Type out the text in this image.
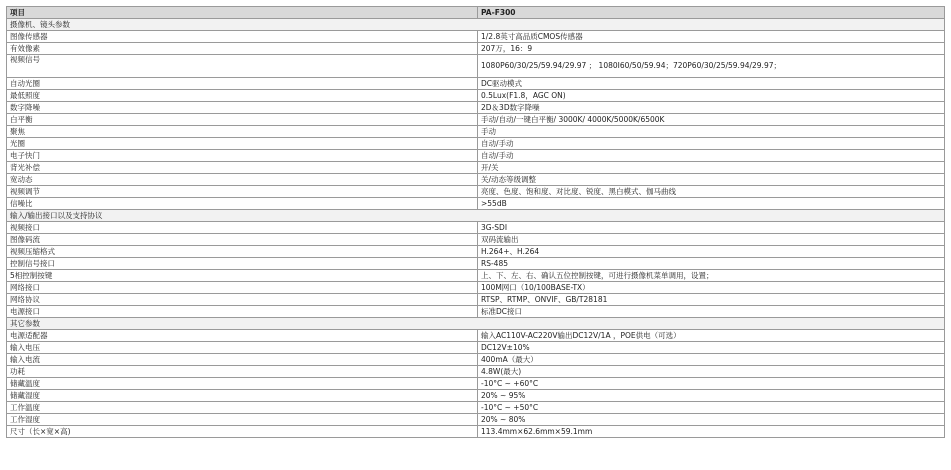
项目	PA-F300
摄像机、镜头参数	
图像传感器	1/2.8英寸高品质CMOS传感器
有效像素	207万，16：9
视频信号	1080P60/30/25/59.94/29.97 ； 1080I60/50/59.94；720P60/30/25/59.94/29.97；
自动光圈	DC驱动模式
最低照度	0.5Lux(F1.8，AGC ON)
数字降噪	2D＆3D数字降噪
白平衡	手动/自动/一键白平衡/ 3000K/ 4000K/5000K/6500K
聚焦	手动
光圈	自动/手动
电子快门	自动/手动
背光补偿	开/关
宽动态	关/动态等级调整
视频调节	亮度、色度、饱和度、对比度、锐度、黑白模式、伽马曲线
信噪比	>55dB
输入/输出接口以及支持协议	
视频接口	3G-SDI
图像码流	双码流输出
视频压缩格式	H.264+、H.264
控制信号接口	RS-485
5相控制按键	上、下、左、右、确认五位控制按键，可进行摄像机菜单调用，设置；
网络接口	100M网口（10/100BASE-TX）
网络协议	RTSP、RTMP、ONVIF、GB/T28181
电源接口	标准DC接口
其它参数	
电源适配器	输入AC110V-AC220V输出DC12V/1A ，POE供电（可选）
输入电压	DC12V±10%
输入电流	400mA（最大）
功耗	4.8W(最大)
储藏温度	-10°C ~ +60°C
储藏湿度	20% ~ 95%
工作温度	-10°C ~ +50°C
工作湿度	20% ~ 80%
尺寸（长×宽×高)	113.4mm×62.6mm×59.1mm
